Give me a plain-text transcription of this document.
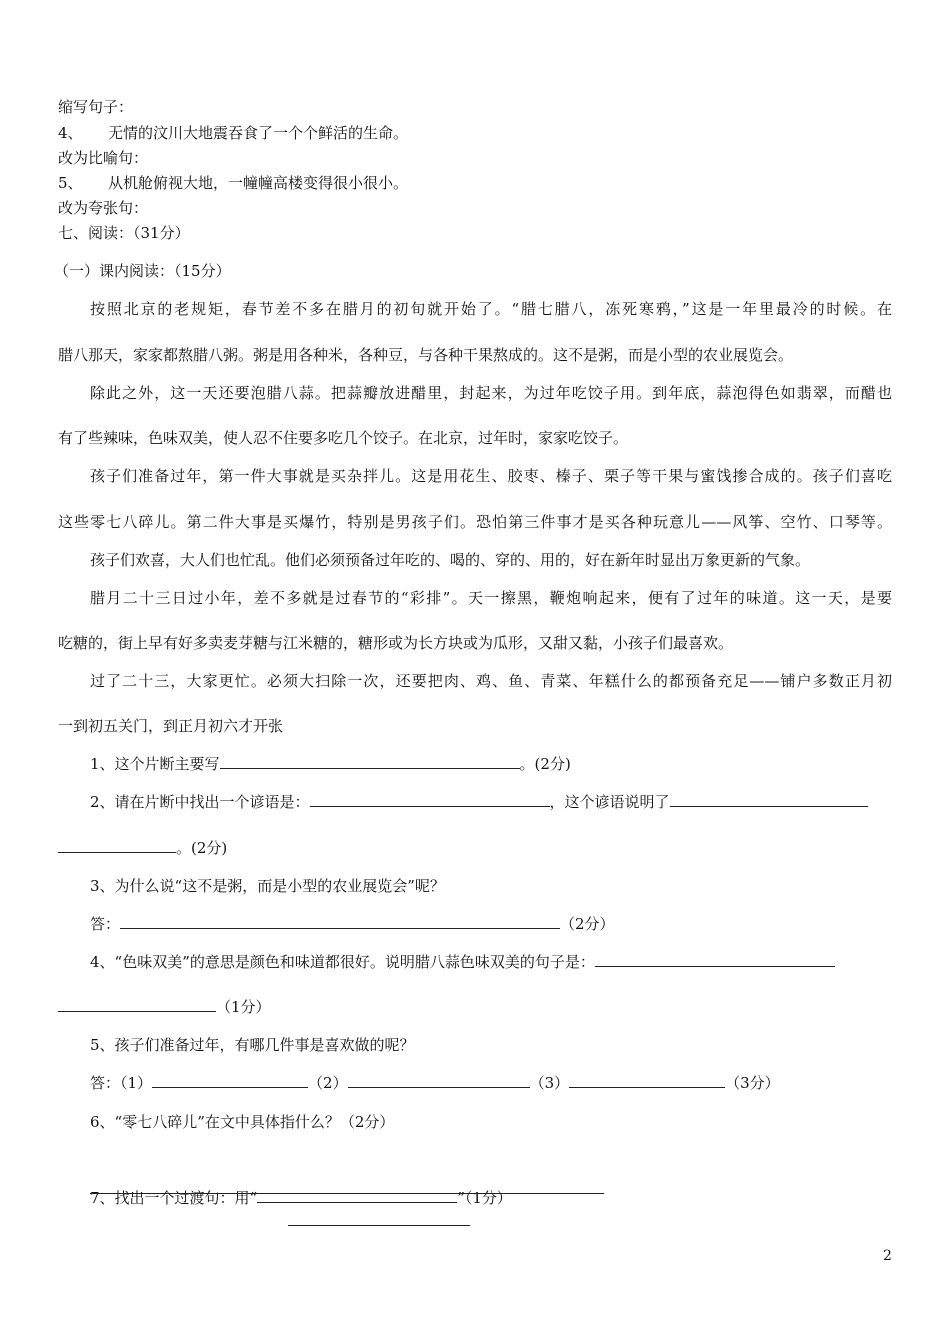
缩写句子：
4、 无情的汶川大地震吞食了一个个鲜活的生命。
改为比喻句：
5、 从机舱俯视大地，一幢幢高楼变得很小很小。
改为夸张句：
七、阅读：（31分）
（一）课内阅读：（15分）
按照北京的老规矩，春节差不多在腊月的初旬就开始了。“腊七腊八，冻死寒鸦，”这是一年里最冷的时候。在
腊八那天，家家都熬腊八粥。粥是用各种米，各种豆，与各种干果熬成的。这不是粥，而是小型的农业展览会。
除此之外，这一天还要泡腊八蒜。把蒜瓣放进醋里，封起来，为过年吃饺子用。到年底，蒜泡得色如翡翠，而醋也
有了些辣味，色味双美，使人忍不住要多吃几个饺子。在北京，过年时，家家吃饺子。
孩子们准备过年，第一件大事就是买杂拌儿。这是用花生、胶枣、榛子、栗子等干果与蜜饯掺合成的。孩子们喜吃
这些零七八碎儿。第二件大事是买爆竹，特别是男孩子们。恐怕第三件事才是买各种玩意儿——风筝、空竹、口琴等。
孩子们欢喜，大人们也忙乱。他们必须预备过年吃的、喝的、穿的、用的，好在新年时显出万象更新的气象。
腊月二十三日过小年，差不多就是过春节的“彩排”。天一擦黑，鞭炮响起来，便有了过年的味道。这一天，是要
吃糖的，街上早有好多卖麦芽糖与江米糖的，糖形或为长方块或为瓜形，又甜又黏，小孩子们最喜欢。
过了二十三，大家更忙。必须大扫除一次，还要把肉、鸡、鱼、青菜、年糕什么的都预备充足——铺户多数正月初
一到初五关门，到正月初六才开张
1、这个片断主要写	。(2分)
2、请在片断中找出一个谚语是：	，这个谚语说明了
。(2分)
3、为什么说“这不是粥，而是小型的农业展览会”呢？
答：	（2分）
4、“色味双美”的意思是颜色和味道都很好。说明腊八蒜色味双美的句子是：
（1分）
5、孩子们准备过年，有哪几件事是喜欢做的呢？
答：（1）	（2）	（3）	（3分）
6、“零七八碎儿”在文中具体指什么？（2分）
7、找出一个过渡句：用“	”（1分）
2
